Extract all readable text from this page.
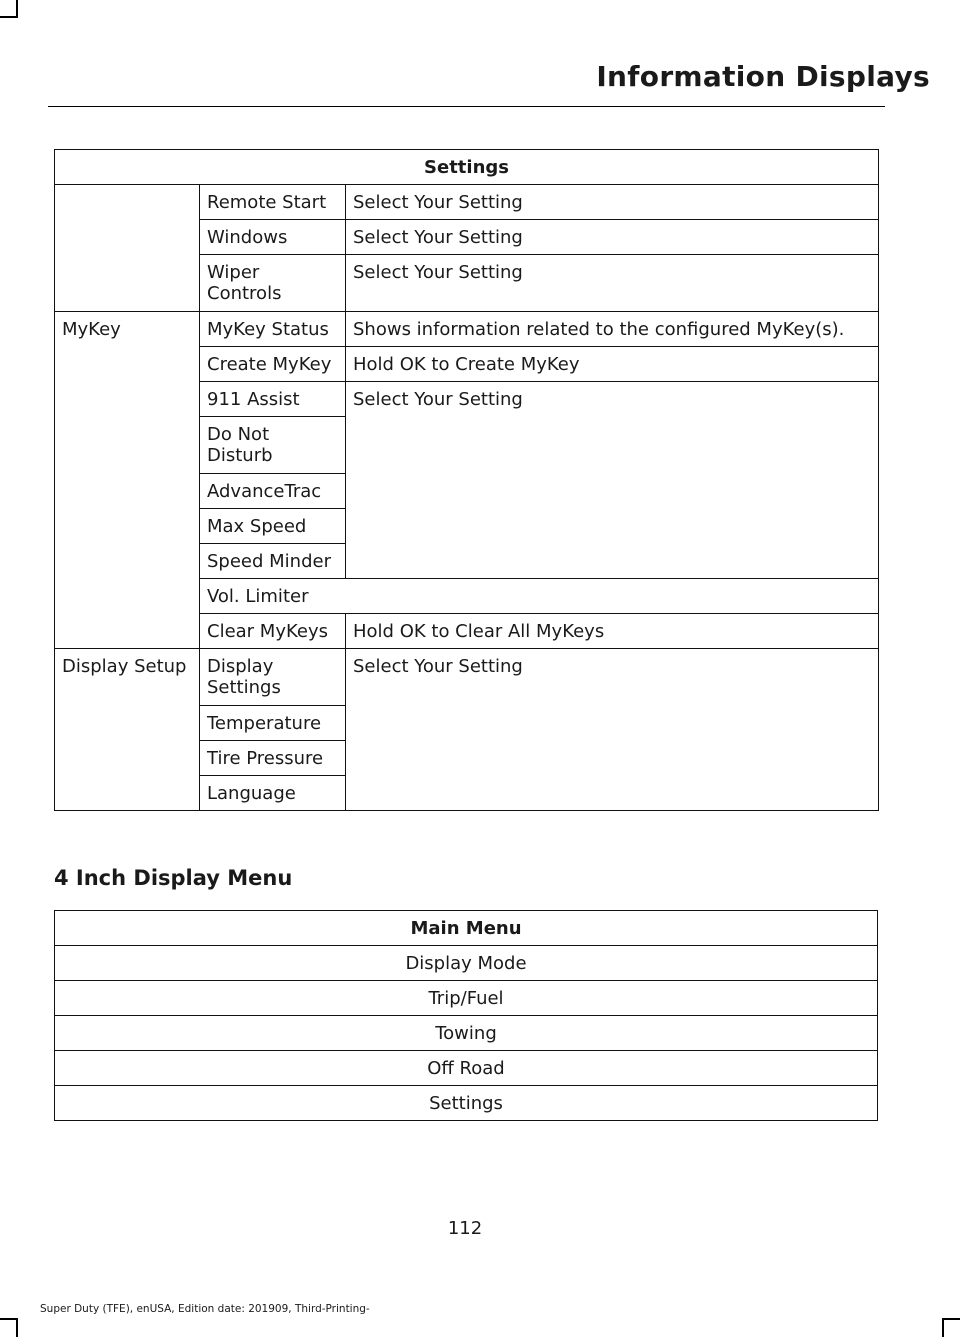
Information Displays
Settings		
	Remote Start	Select Your Setting
	Windows	Select Your Setting
	Wiper Controls	Select Your Setting
MyKey	MyKey Status	Shows information related to the configured MyKey(s).
	Create MyKey	Hold OK to Create MyKey
	911 Assist	Select Your Setting
	Do Not Disturb	
	AdvanceTrac	
	Max Speed	
	Speed Minder	
	Vol. Limiter	
	Clear MyKeys	Hold OK to Clear All MyKeys
Display Setup	Display Settings	Select Your Setting
	Temperature	
	Tire Pressure	
	Language	
4 Inch Display Menu
Main Menu
Display Mode
Trip/Fuel
Towing
Off Road
Settings
112
Super Duty (TFE), enUSA, Edition date: 201909, Third-Printing-
